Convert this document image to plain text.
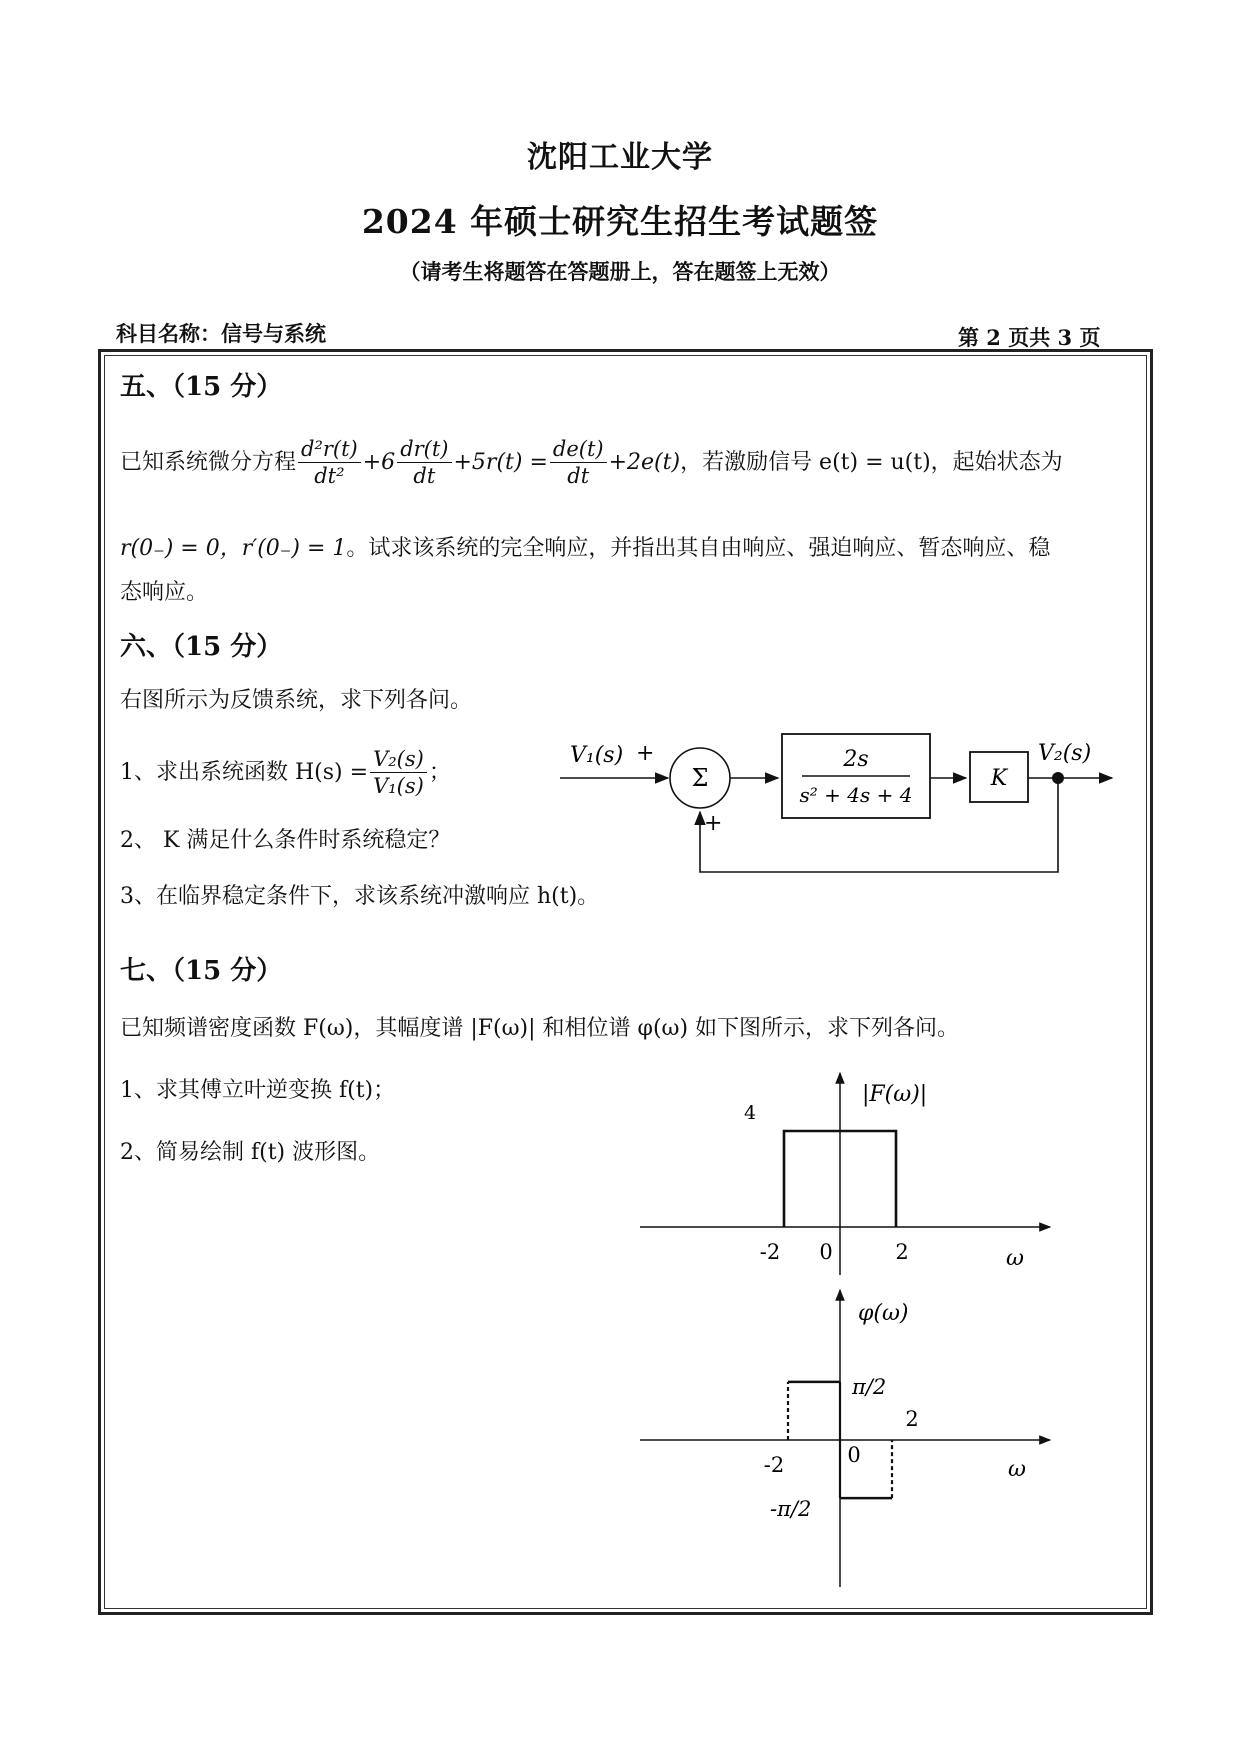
沈阳工业大学
2024 年硕士研究生招生考试题签
（请考生将题答在答题册上，答在题签上无效）
科目名称：信号与系统	第 2 页共 3 页
五、（15 分）
已知系统微分方程 $\frac{\text{d²r(t)}}{\text{dt²}} +6 \frac{dr(t)}{dt} +5r(t) = \frac{de(t)}{dt} +2e(t)$，若激励信号 e(t) = u(t)，起始状态为
r(0₋) = 0，r′(0₋) = 1。试求该系统的完全响应，并指出其自由响应、强迫响应、暂态响应、稳
态响应。
六、（15 分）
右图所示为反馈系统，求下列各问。
1、求出系统函数 $H(s) = \frac{\text{V₂(s)}}{\text{V₁(s)}}$ ；
2、 K 满足什么条件时系统稳定？
3、在临界稳定条件下，求该系统冲激响应 h(t)。
V₁(s) +
Σ
+
2s
s² + 4s + 4
K
V₂(s)
七、（15 分）
已知频谱密度函数 F(ω)，其幅度谱 |F(ω)| 和相位谱 φ(ω) 如下图所示，求下列各问。
1、求其傅立叶逆变换 f(t)；
2、简易绘制 f(t) 波形图。
|F(ω)|
ω
4
-2 0	2
φ(ω)
ω
π/2
-π/2
-2	0
2
